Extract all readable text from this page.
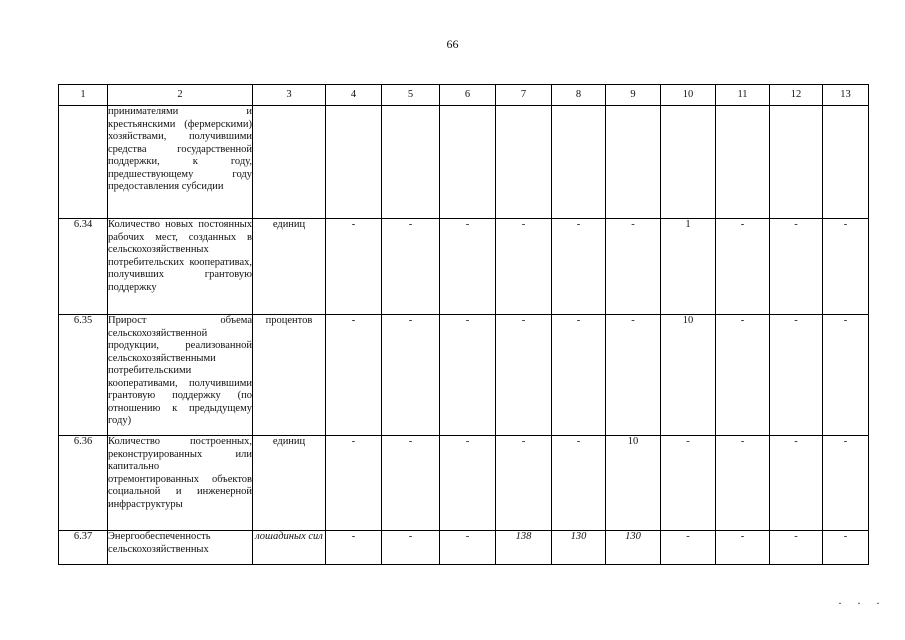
66
1	2	3	4	5	6	7	8	9	10	11	12	13
	принимателями и крестьянскими (фермерскими) хозяйствами, получившими средства государственной поддержки, к году, предшествующему году предоставления субсидии											
6.34	Количество новых постоянных рабочих мест, созданных в сельскохозяйственных потребительских кооперативах, получивших грантовую поддержку	единиц	-	-	-	-	-	-	1	-	-	-
6.35	Прирост объема сельскохозяйственной продукции, реализованной сельскохозяйственными потребительскими кооперативами, получившими грантовую поддержку (по отношению к предыдущему году)	процентов	-	-	-	-	-	-	10	-	-	-
6.36	Количество построенных, реконструированных или капитально отремонтированных объектов социальной и инженерной инфраструктуры	единиц	-	-	-	-	-	10	-	-	-	-
6.37	Энергообеспеченность сельскохозяйственных	лошадиных сил	-	-	-	138	130	130	-	-	-	-
· · ·
